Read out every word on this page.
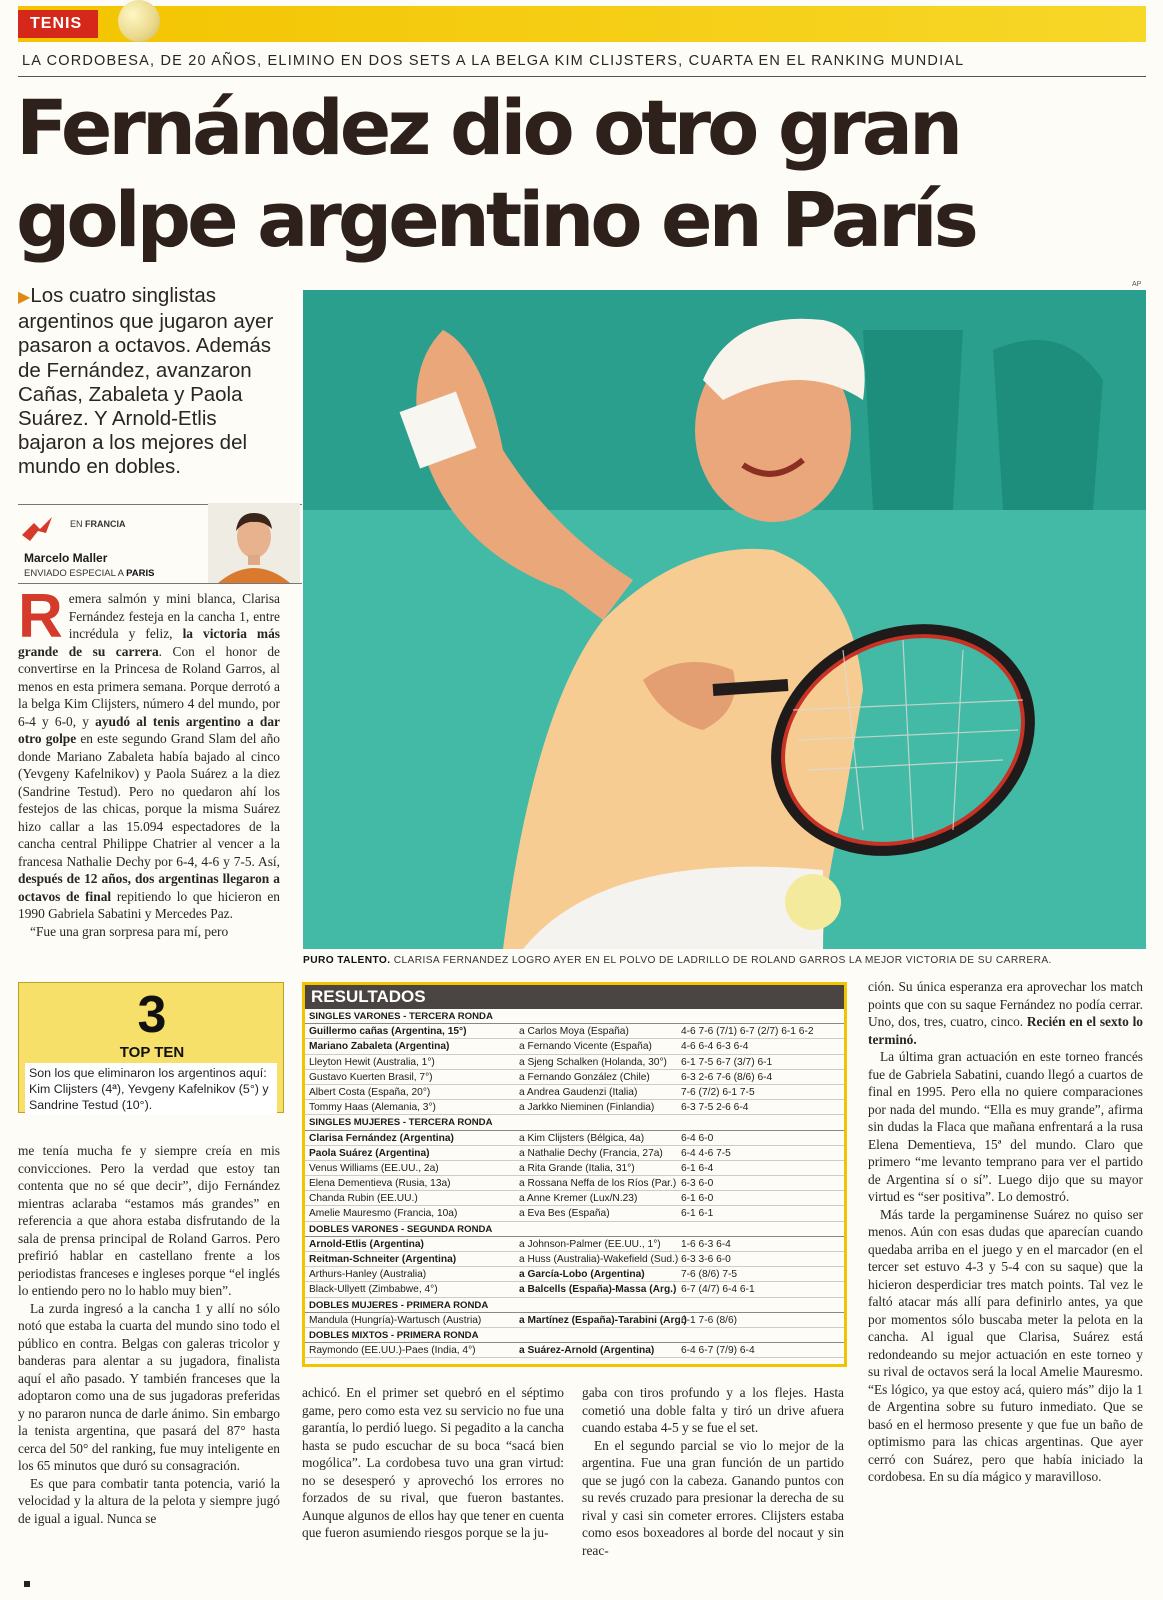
TENIS
LA CORDOBESA, DE 20 AÑOS, ELIMINO EN DOS SETS A LA BELGA KIM CLIJSTERS, CUARTA EN EL RANKING MUNDIAL
Fernández dio otro gran
golpe argentino en París
▶Los cuatro singlistas argentinos que jugaron ayer pasaron a octavos. Además de Fernández, avanzaron Cañas, Zabaleta y Paola Suárez. Y Arnold-Etlis bajaron a los mejores del mundo en dobles.
EN FRANCIA
Marcelo Maller
ENVIADO ESPECIAL A PARIS

Remera salmón y mini blanca, Clarisa Fernández festeja en la cancha 1, entre incrédula y feliz, la victoria más grande de su carrera. Con el honor de convertirse en la Princesa de Roland Garros, al menos en esta primera semana. Porque derrotó a la belga Kim Clijsters, número 4 del mundo, por 6-4 y 6-0, y ayudó al tenis argentino a dar otro golpe en este segundo Grand Slam del año donde Mariano Zabaleta había bajado al cinco (Yevgeny Kafelnikov) y Paola Suárez a la diez (Sandrine Testud). Pero no quedaron ahí los festejos de las chicas, porque la misma Suárez hizo callar a las 15.094 espectadores de la cancha central Philippe Chatrier al vencer a la francesa Nathalie Dechy por 6-4, 4-6 y 7-5. Así, después de 12 años, dos argentinas llegaron a octavos de final repitiendo lo que hicieron en 1990 Gabriela Sabatini y Mercedes Paz.

“Fue una gran sorpresa para mí, pero

AP
PURO TALENTO. CLARISA FERNANDEZ LOGRO AYER EN EL POLVO DE LADRILLO DE ROLAND GARROS LA MEJOR VICTORIA DE SU CARRERA.
3
TOP TEN
Son los que eliminaron los argentinos aquí: Kim Clijsters (4ª), Yevgeny Kafelnikov (5°) y Sandrine Testud (10°).

me tenía mucha fe y siempre creía en mis convicciones. Pero la verdad que estoy tan contenta que no sé que decir”, dijo Fernández mientras aclaraba “estamos más grandes” en referencia a que ahora estaba disfrutando de la sala de prensa principal de Roland Garros. Pero prefirió hablar en castellano frente a los periodistas franceses e ingleses porque “el inglés lo entiendo pero no lo hablo muy bien”.

La zurda ingresó a la cancha 1 y allí no sólo notó que estaba la cuarta del mundo sino todo el público en contra. Belgas con galeras tricolor y banderas para alentar a su jugadora, finalista aquí el año pasado. Y también franceses que la adoptaron como una de sus jugadoras preferidas y no pararon nunca de darle ánimo. Sin embargo la tenista argentina, que pasará del 87° hasta cerca del 50° del ranking, fue muy inteligente en los 65 minutos que duró su consagración.

Es que para combatir tanta potencia, varió la velocidad y la altura de la pelota y siempre jugó de igual a igual. Nunca se

RESULTADOS
SINGLES VARONES - TERCERA RONDA
Guillermo cañas (Argentina, 15°)	a Carlos Moya (España)	4-6 7-6 (7/1) 6-7 (2/7) 6-1 6-2
Mariano Zabaleta (Argentina)	a Fernando Vicente (España)	4-6 6-4 6-3 6-4
Lleyton Hewit (Australia, 1°)	a Sjeng Schalken (Holanda, 30°) 6-1 7-5 6-7 (3/7) 6-1
Gustavo Kuerten Brasil, 7°)	a Fernando González (Chile)	6-3 2-6 7-6 (8/6) 6-4
Albert Costa (España, 20°)	a Andrea Gaudenzi (Italia)	7-6 (7/2) 6-1 7-5
Tommy Haas (Alemania, 3°)	a Jarkko Nieminen (Finlandia)	6-3 7-5 2-6 6-4
SINGLES MUJERES - TERCERA RONDA
Clarisa Fernández (Argentina)	a Kim Clijsters (Bélgica, 4a)	6-4 6-0
Paola Suárez (Argentina)	a Nathalie Dechy (Francia, 27a) 6-4 4-6 7-5
Venus Williams (EE.UU., 2a)	a Rita Grande (Italia, 31°)	6-1 6-4
Elena Dementieva (Rusia, 13a)	a Rossana Neffa de los Ríos (Par.) 6-3 6-0
Chanda Rubin (EE.UU.)	a Anne Kremer (Lux/N.23)	6-1 6-0
Amelie Mauresmo (Francia, 10a)	a Eva Bes (España)	6-1 6-1
DOBLES VARONES - SEGUNDA RONDA
Arnold-Etlis (Argentina)	a Johnson-Palmer (EE.UU., 1°) 1-6 6-3 6-4
Reitman-Schneiter (Argentina)	a Huss (Australia)-Wakefield (Sud.) 6-3 3-6 6-0
Arthurs-Hanley (Australia)	a García-Lobo (Argentina)	7-6 (8/6) 7-5
Black-Ullyett (Zimbabwe, 4°)	a Balcells (España)-Massa (Arg.) 6-7 (4/7) 6-4 6-1
DOBLES MUJERES - PRIMERA RONDA
Mandula (Hungría)-Wartusch (Austria)	a Martínez (España)-Tarabini (Arg.)
6-1 7-6 (8/6)
DOBLES MIXTOS - PRIMERA RONDA
Raymondo (EE.UU.)-Paes (India, 4°)	a Suárez-Arnold (Argentina)	6-4 6-7 (7/9) 6-4

achicó. En el primer set quebró en el séptimo game, pero como esta vez su servicio no fue una garantía, lo perdió luego. Si pegadito a la cancha hasta se pudo escuchar de su boca “sacá bien mogólica”. La cordobesa tuvo una gran virtud: no se desesperó y aprovechó los errores no forzados de su rival, que fueron bastantes. Aunque algunos de ellos hay que tener en cuenta que fueron asumiendo riesgos porque se la ju-

gaba con tiros profundo y a los flejes. Hasta cometió una doble falta y tiró un drive afuera cuando estaba 4-5 y se fue el set.

En el segundo parcial se vio lo mejor de la argentina. Fue una gran función de un partido que se jugó con la cabeza. Ganando puntos con su revés cruzado para presionar la derecha de su rival y casi sin cometer errores. Clijsters estaba como esos boxeadores al borde del nocaut y sin reac-

ción. Su única esperanza era aprovechar los match points que con su saque Fernández no podía cerrar. Uno, dos, tres, cuatro, cinco. Recién en el sexto lo terminó.

La última gran actuación en este torneo francés fue de Gabriela Sabatini, cuando llegó a cuartos de final en 1995. Pero ella no quiere comparaciones por nada del mundo. “Ella es muy grande”, afirma sin dudas la Flaca que mañana enfrentará a la rusa Elena Dementieva, 15ª del mundo. Claro que primero “me levanto temprano para ver el partido de Argentina sí o sí”. Luego dijo que su mayor virtud es “ser positiva”. Lo demostró.

Más tarde la pergaminense Suárez no quiso ser menos. Aún con esas dudas que aparecían cuando quedaba arriba en el juego y en el marcador (en el tercer set estuvo 4-3 y 5-4 con su saque) que la hicieron desperdiciar tres match points. Tal vez le faltó atacar más allí para definirlo antes, ya que por momentos sólo buscaba meter la pelota en la cancha. Al igual que Clarisa, Suárez está redondeando su mejor actuación en este torneo y su rival de octavos será la local Amelie Mauresmo. “Es lógico, ya que estoy acá, quiero más” dijo la 1 de Argentina sobre su futuro inmediato. Que se basó en el hermoso presente y que fue un baño de optimismo para las chicas argentinas. Que ayer cerró con Suárez, pero que había iniciado la cordobesa. En su día mágico y maravilloso.
